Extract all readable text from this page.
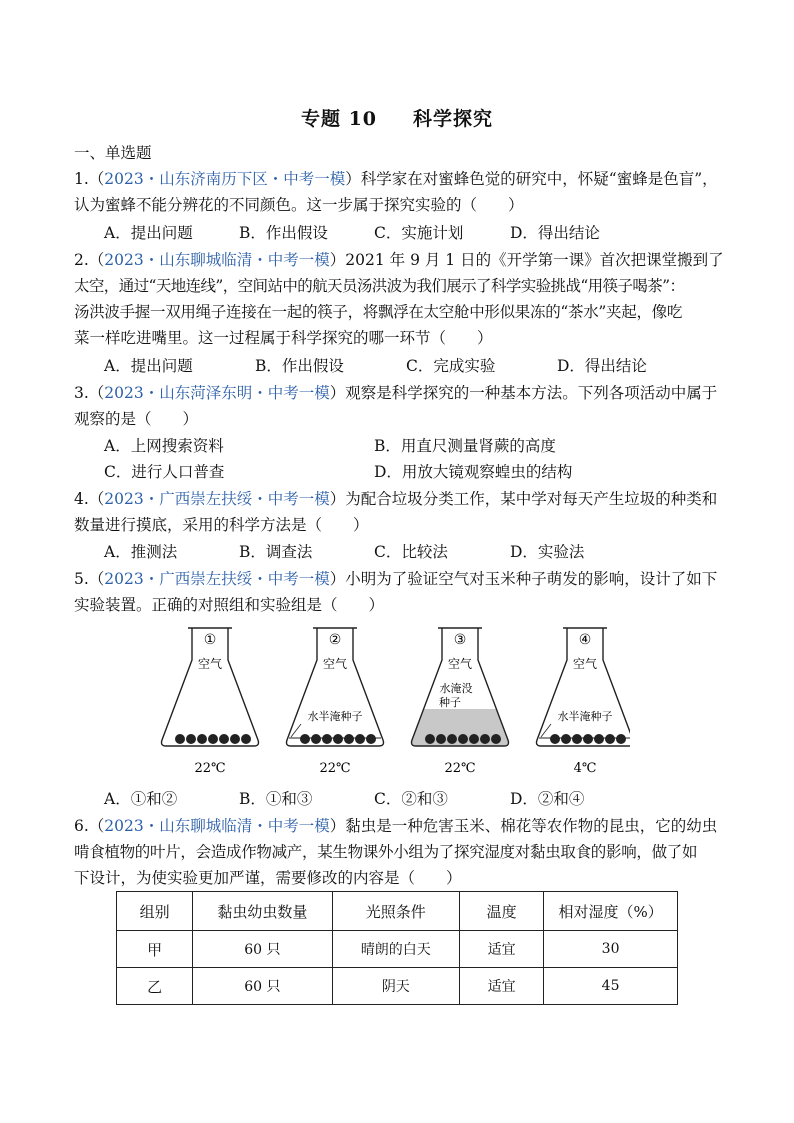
专题 10 科学探究
一、单选题
1.（2023・山东济南历下区・中考一模）科学家在对蜜蜂色觉的研究中，怀疑“蜜蜂是色盲”，
认为蜜蜂不能分辨花的不同颜色。这一步属于探究实验的（　　）
A．提出问题	B．作出假设	C．实施计划	D．得出结论
2.（2023・山东聊城临清・中考一模）2021 年 9 月 1 日的《开学第一课》首次把课堂搬到了
太空，通过“天地连线”，空间站中的航天员汤洪波为我们展示了科学实验挑战“用筷子喝茶”：
汤洪波手握一双用绳子连接在一起的筷子，将飘浮在太空舱中形似果冻的“茶水”夹起，像吃
菜一样吃进嘴里。这一过程属于科学探究的哪一环节（　　）
A．提出问题	B．作出假设	C．完成实验	D．得出结论
3.（2023・山东菏泽东明・中考一模）观察是科学探究的一种基本方法。下列各项活动中属于
观察的是（　　）
A．上网搜索资料	B．用直尺测量肾蕨的高度
C．进行人口普查	D．用放大镜观察蝗虫的结构
4.（2023・广西崇左扶绥・中考一模）为配合垃圾分类工作，某中学对每天产生垃圾的种类和
数量进行摸底，采用的科学方法是（　　）
A．推测法	B．调查法	C．比较法	D．实验法
5.（2023・广西崇左扶绥・中考一模）小明为了验证空气对玉米种子萌发的影响，设计了如下
实验装置。正确的对照组和实验组是（　　）
①
空气
22℃
②
空气
水半淹种子
22℃
③
空气
水淹没
种子
22℃
④
空气
水半淹种子
4℃
A．①和②	B．①和③	C．②和③	D．②和④
6.（2023・山东聊城临清・中考一模）黏虫是一种危害玉米、棉花等农作物的昆虫，它的幼虫
啃食植物的叶片，会造成作物减产，某生物课外小组为了探究湿度对黏虫取食的影响，做了如
下设计，为使实验更加严谨，需要修改的内容是（　　）
组别	黏虫幼虫数量	光照条件	温度	相对湿度（%）
甲	60 只	晴朗的白天	适宜	30
乙	60 只	阴天	适宜	45
